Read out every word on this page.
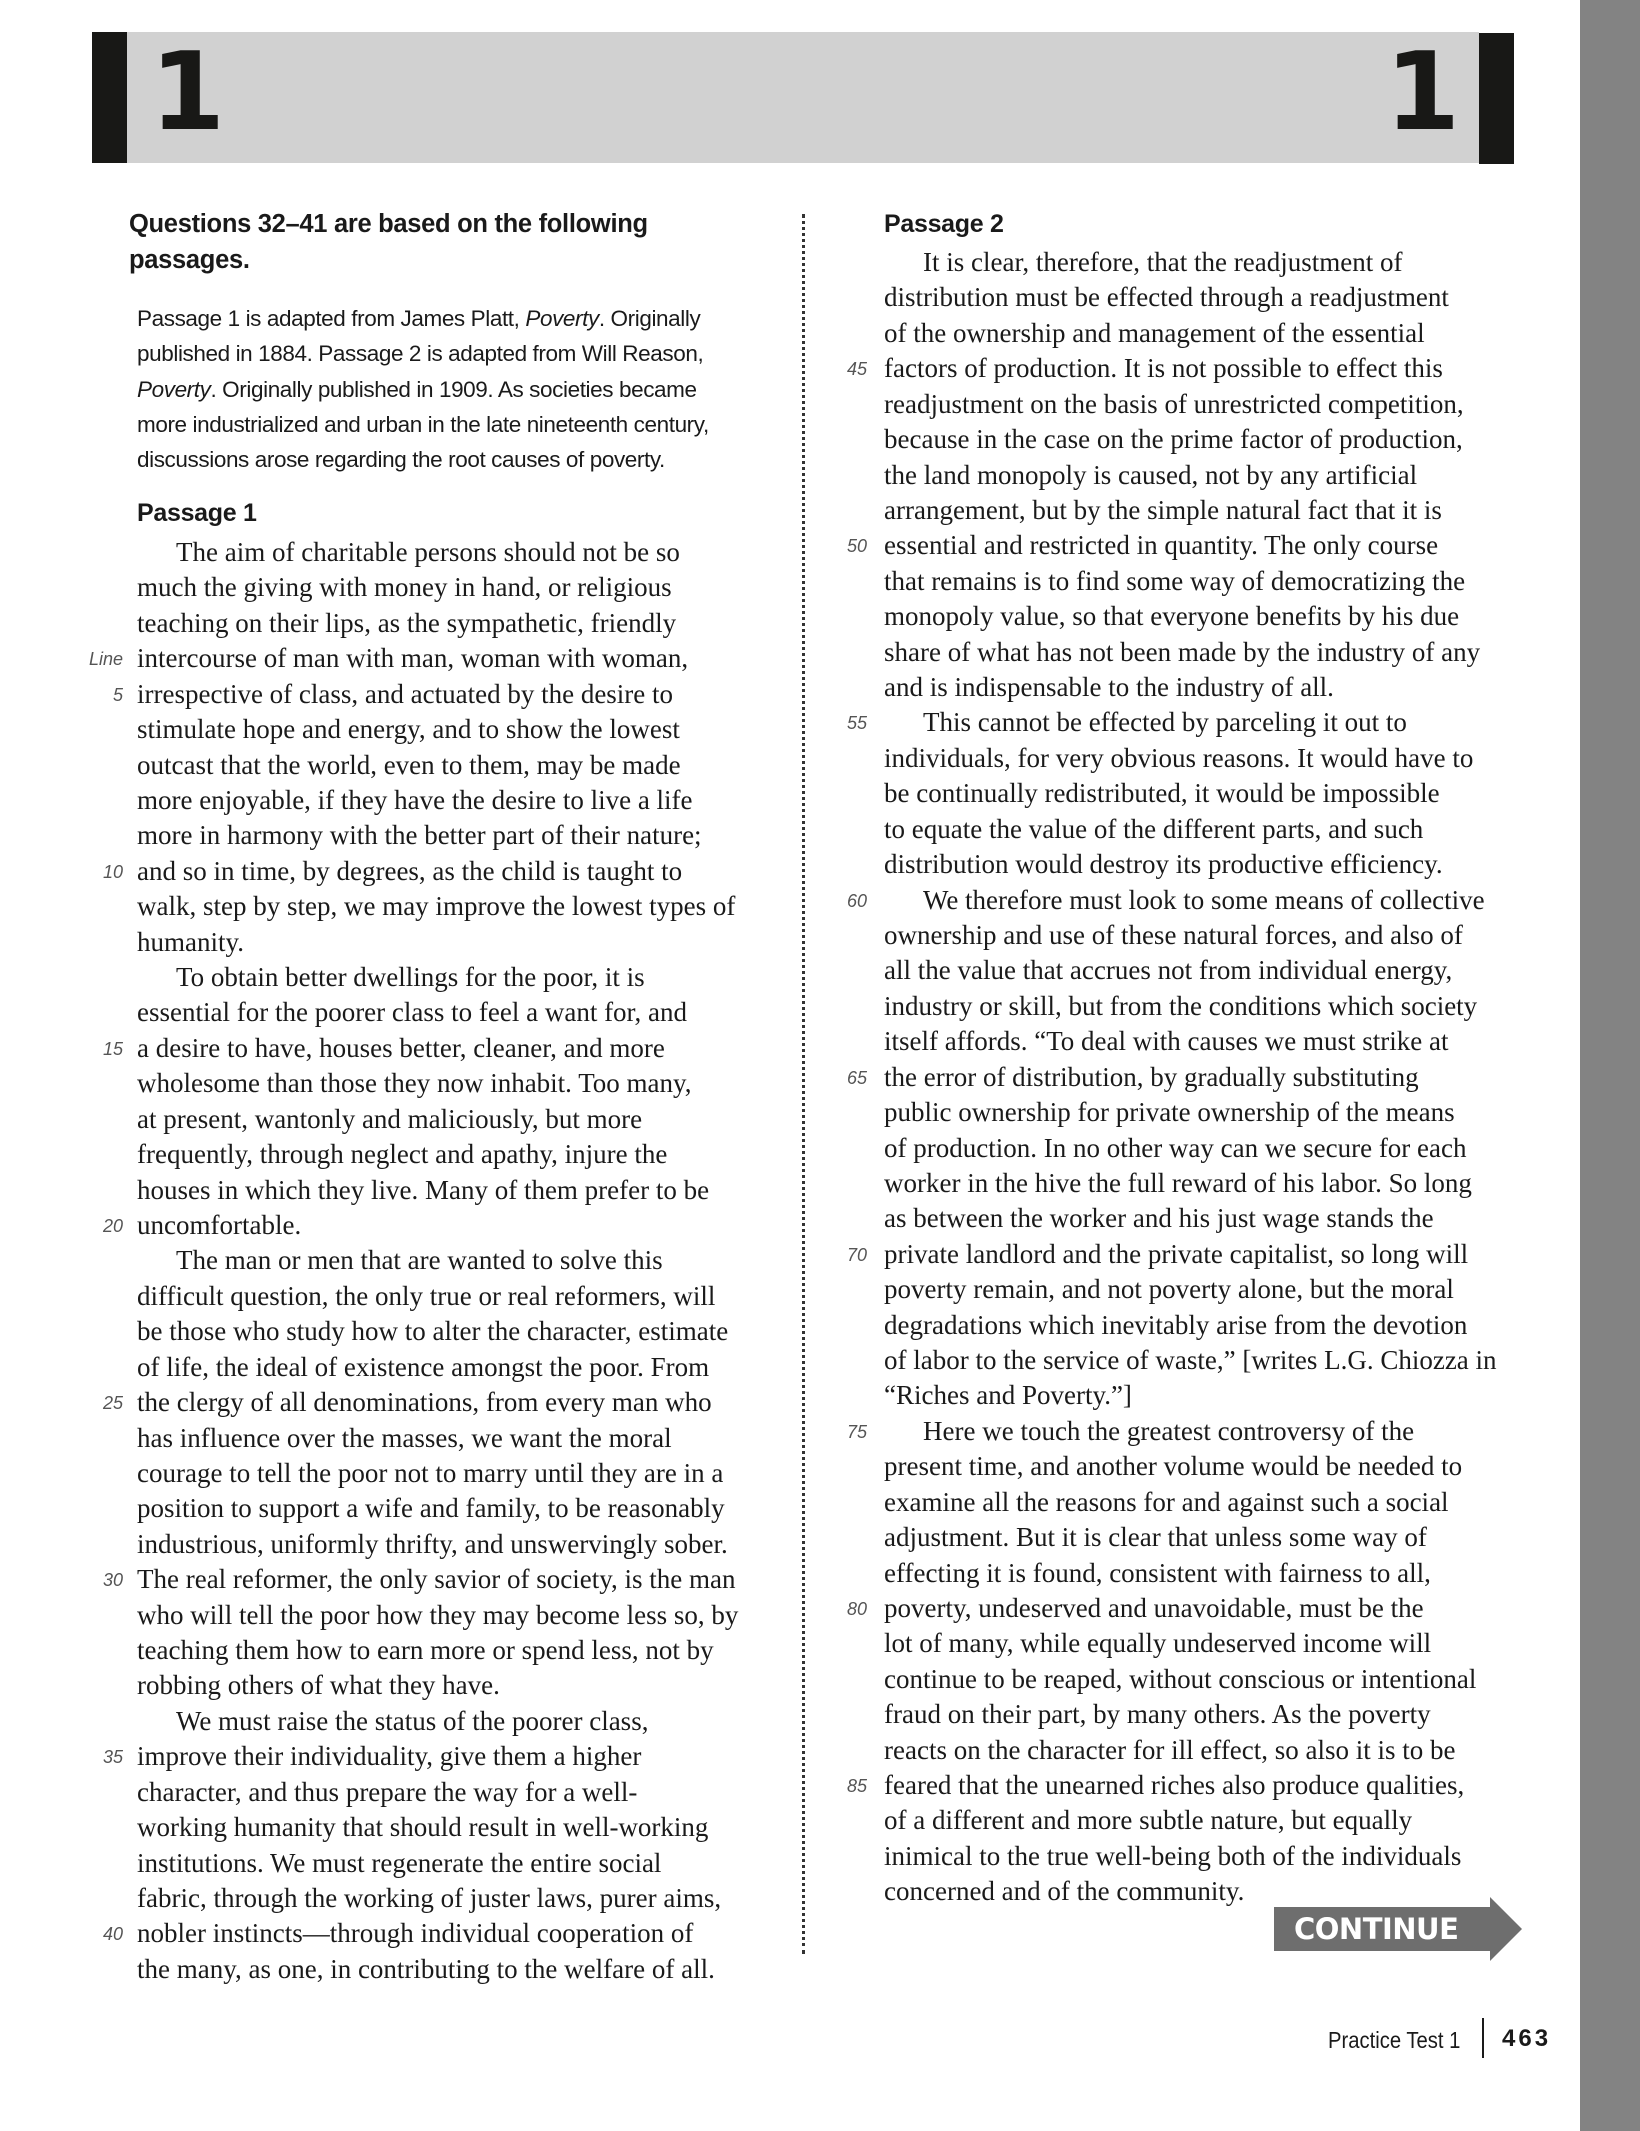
1	1
Questions 32–41 are based on the following passages.
Passage 1 is adapted from James Platt, Poverty. Originally
published in 1884. Passage 2 is adapted from Will Reason,
Poverty. Originally published in 1909. As societies became
more industrialized and urban in the late nineteenth century,
discussions arose regarding the root causes of poverty.
Passage 1
The aim of charitable persons should not be so
much the giving with money in hand, or religious
teaching on their lips, as the sympathetic, friendly
intercourse of man with man, woman with woman,
Line
irrespective of class, and actuated by the desire to
5
stimulate hope and energy, and to show the lowest
outcast that the world, even to them, may be made
more enjoyable, if they have the desire to live a life
more in harmony with the better part of their nature;
and so in time, by degrees, as the child is taught to
10
walk, step by step, we may improve the lowest types of
humanity.
To obtain better dwellings for the poor, it is
essential for the poorer class to feel a want for, and
a desire to have, houses better, cleaner, and more
15
wholesome than those they now inhabit. Too many,
at present, wantonly and maliciously, but more
frequently, through neglect and apathy, injure the
houses in which they live. Many of them prefer to be
uncomfortable.
20
The man or men that are wanted to solve this
difficult question, the only true or real reformers, will
be those who study how to alter the character, estimate
of life, the ideal of existence amongst the poor. From
the clergy of all denominations, from every man who
25
has influence over the masses, we want the moral
courage to tell the poor not to marry until they are in a
position to support a wife and family, to be reasonably
industrious, uniformly thrifty, and unswervingly sober.
The real reformer, the only savior of society, is the man
30
who will tell the poor how they may become less so, by
teaching them how to earn more or spend less, not by
robbing others of what they have.
We must raise the status of the poorer class,
improve their individuality, give them a higher
35
character, and thus prepare the way for a well-
working humanity that should result in well-working
institutions. We must regenerate the entire social
fabric, through the working of juster laws, purer aims,
nobler instincts—through individual cooperation of
40
the many, as one, in contributing to the welfare of all.
Passage 2
It is clear, therefore, that the readjustment of
distribution must be effected through a readjustment
of the ownership and management of the essential
factors of production. It is not possible to effect this
45
readjustment on the basis of unrestricted competition,
because in the case on the prime factor of production,
the land monopoly is caused, not by any artificial
arrangement, but by the simple natural fact that it is
essential and restricted in quantity. The only course
50
that remains is to find some way of democratizing the
monopoly value, so that everyone benefits by his due
share of what has not been made by the industry of any
and is indispensable to the industry of all.
This cannot be effected by parceling it out to
55
individuals, for very obvious reasons. It would have to
be continually redistributed, it would be impossible
to equate the value of the different parts, and such
distribution would destroy its productive efficiency.
We therefore must look to some means of collective
60
ownership and use of these natural forces, and also of
all the value that accrues not from individual energy,
industry or skill, but from the conditions which society
itself affords. “To deal with causes we must strike at
the error of distribution, by gradually substituting
65
public ownership for private ownership of the means
of production. In no other way can we secure for each
worker in the hive the full reward of his labor. So long
as between the worker and his just wage stands the
private landlord and the private capitalist, so long will
70
poverty remain, and not poverty alone, but the moral
degradations which inevitably arise from the devotion
of labor to the service of waste,” [writes L.G. Chiozza in
“Riches and Poverty.”]
Here we touch the greatest controversy of the
75
present time, and another volume would be needed to
examine all the reasons for and against such a social
adjustment. But it is clear that unless some way of
effecting it is found, consistent with fairness to all,
poverty, undeserved and unavoidable, must be the
80
lot of many, while equally undeserved income will
continue to be reaped, without conscious or intentional
fraud on their part, by many others. As the poverty
reacts on the character for ill effect, so also it is to be
feared that the unearned riches also produce qualities,
85
of a different and more subtle nature, but equally
inimical to the true well-being both of the individuals
concerned and of the community.
CONTINUE
Practice Test 1 463
